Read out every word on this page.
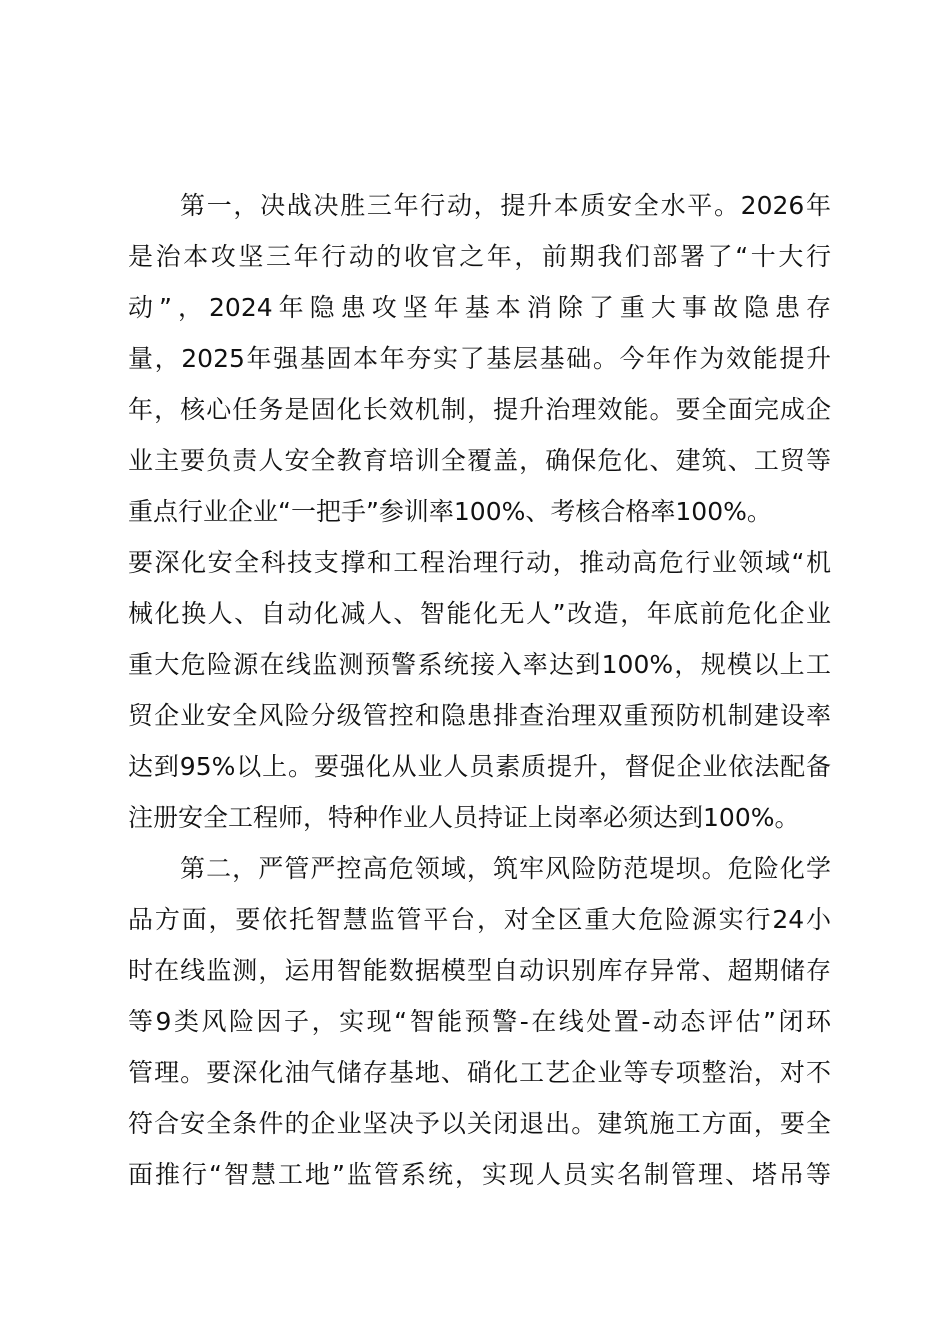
第一，决战决胜三年行动，提升本质安全水平。2026年
是治本攻坚三年行动的收官之年，前期我们部署了“十大行
动”，2024年隐患攻坚年基本消除了重大事故隐患存
量，2025年强基固本年夯实了基层基础。今年作为效能提升
年，核心任务是固化长效机制，提升治理效能。要全面完成企
业主要负责人安全教育培训全覆盖，确保危化、建筑、工贸等
重点行业企业“一把手”参训率100%、考核合格率100%。
要深化安全科技支撑和工程治理行动，推动高危行业领域“机
械化换人、自动化减人、智能化无人”改造，年底前危化企业
重大危险源在线监测预警系统接入率达到100%，规模以上工
贸企业安全风险分级管控和隐患排查治理双重预防机制建设率
达到95%以上。要强化从业人员素质提升，督促企业依法配备
注册安全工程师，特种作业人员持证上岗率必须达到100%。
第二，严管严控高危领域，筑牢风险防范堤坝。危险化学
品方面，要依托智慧监管平台，对全区重大危险源实行24小
时在线监测，运用智能数据模型自动识别库存异常、超期储存
等9类风险因子，实现“智能预警-在线处置-动态评估”闭环
管理。要深化油气储存基地、硝化工艺企业等专项整治，对不
符合安全条件的企业坚决予以关闭退出。建筑施工方面，要全
面推行“智慧工地”监管系统，实现人员实名制管理、塔吊等
